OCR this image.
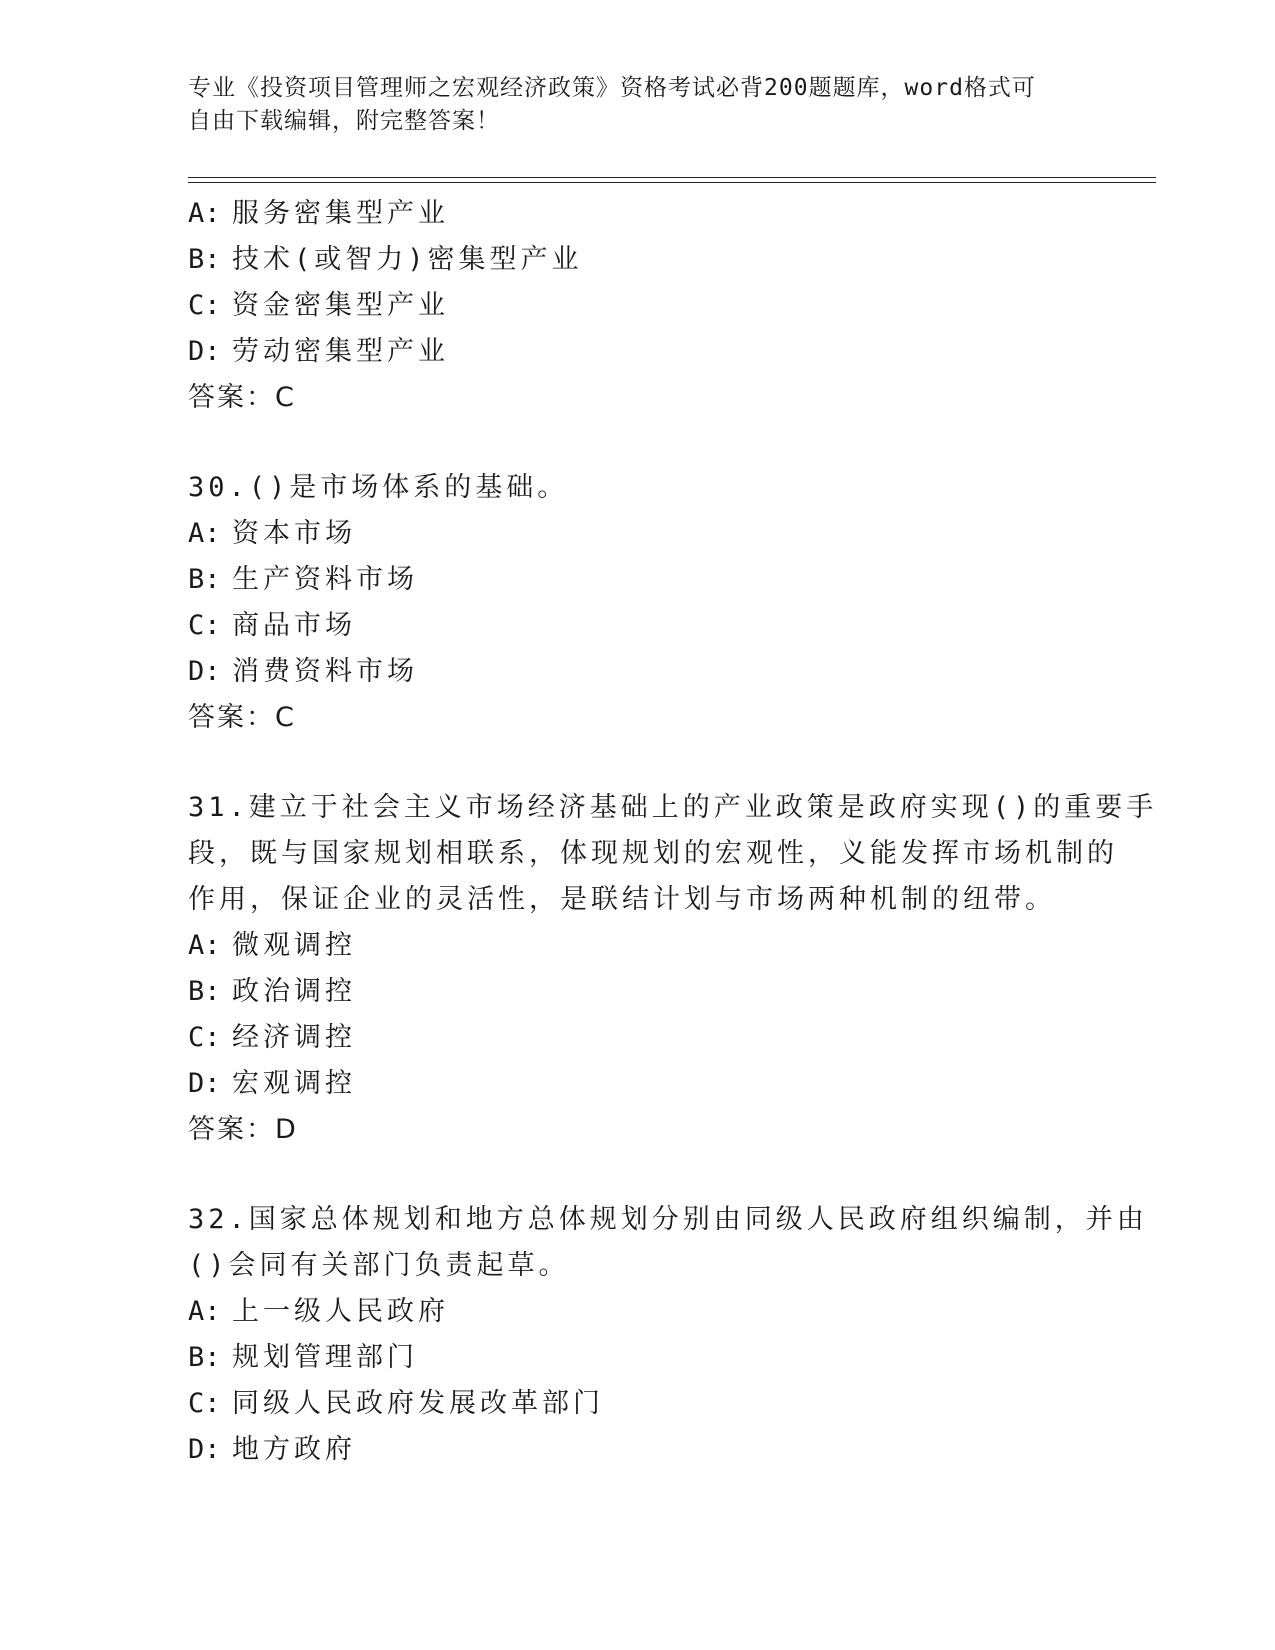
专业《投资项目管理师之宏观经济政策》资格考试必背200题题库，word格式可
自由下载编辑，附完整答案！
A: 服务密集型产业
B: 技术(或智力)密集型产业
C: 资金密集型产业
D: 劳动密集型产业
答案：C
30.()是市场体系的基础。
A: 资本市场
B: 生产资料市场
C: 商品市场
D: 消费资料市场
答案：C
31.建立于社会主义市场经济基础上的产业政策是政府实现()的重要手
段，既与国家规划相联系，体现规划的宏观性，义能发挥市场机制的
作用，保证企业的灵活性，是联结计划与市场两种机制的纽带。
A: 微观调控
B: 政治调控
C: 经济调控
D: 宏观调控
答案：D
32.国家总体规划和地方总体规划分别由同级人民政府组织编制，并由
()会同有关部门负责起草。
A: 上一级人民政府
B: 规划管理部门
C: 同级人民政府发展改革部门
D: 地方政府
